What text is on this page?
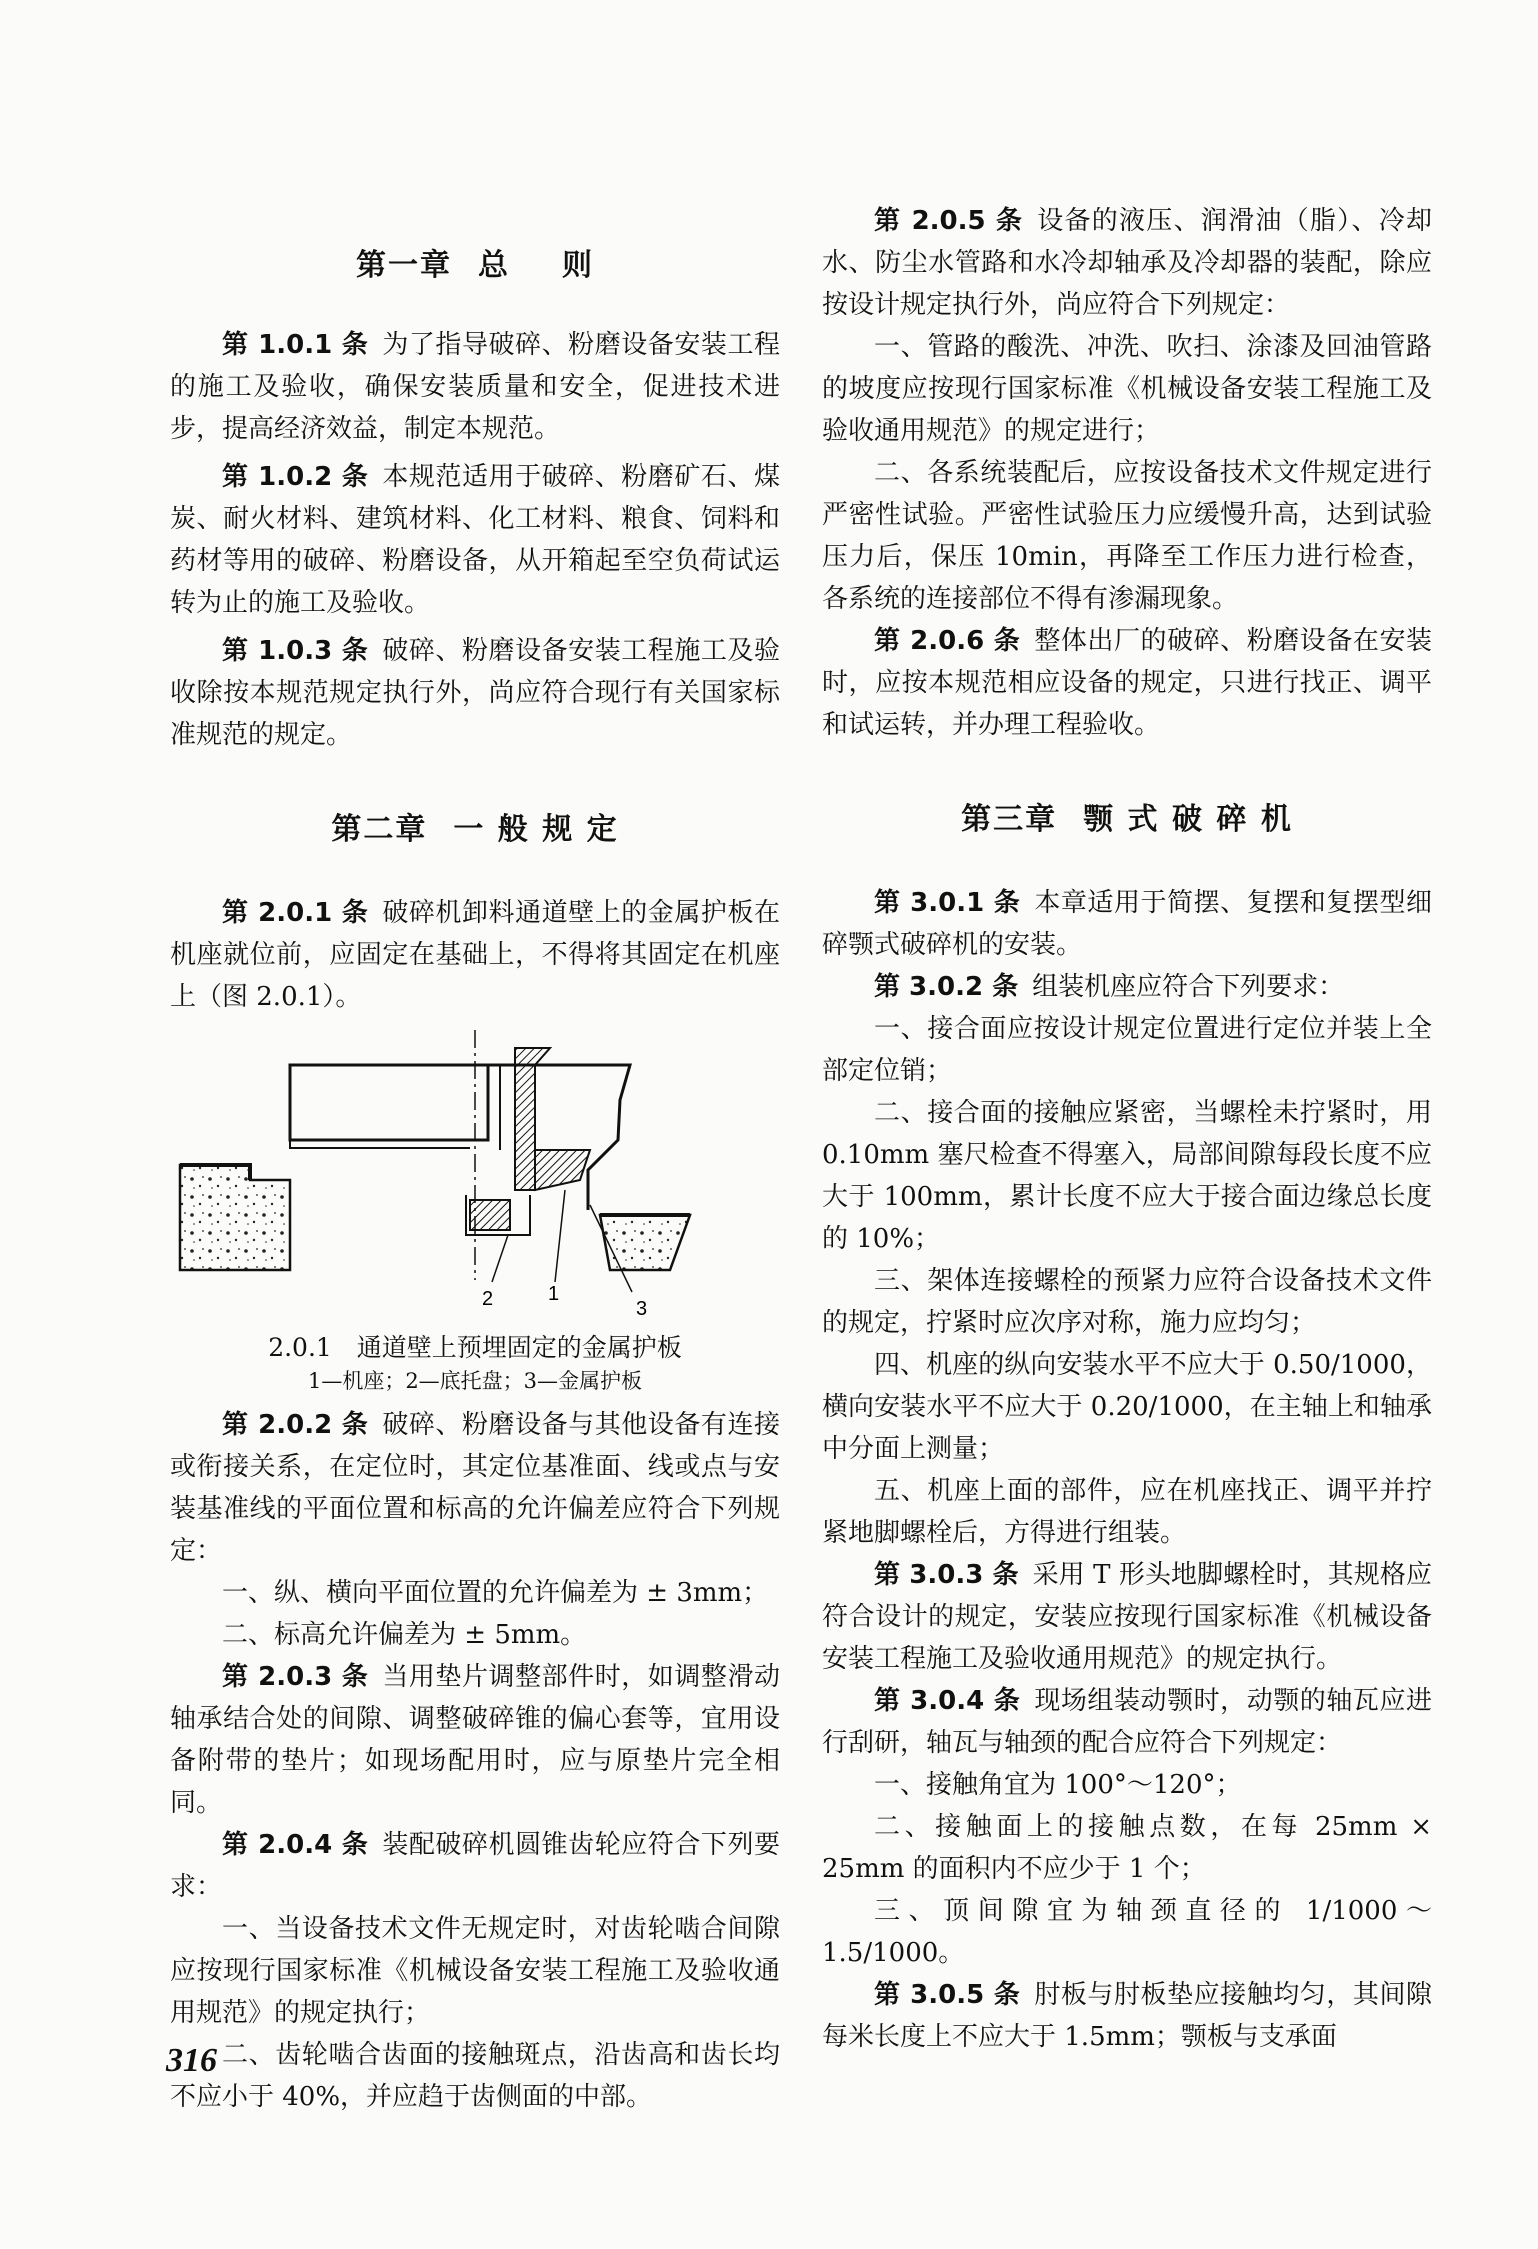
第一章 总 则

第 1.0.1 条 为了指导破碎、粉磨设备安装工程的施工及验收，确保安装质量和安全，促进技术进步，提高经济效益，制定本规范。

第 1.0.2 条 本规范适用于破碎、粉磨矿石、煤炭、耐火材料、建筑材料、化工材料、粮食、饲料和药材等用的破碎、粉磨设备，从开箱起至空负荷试运转为止的施工及验收。

第 1.0.3 条 破碎、粉磨设备安装工程施工及验收除按本规范规定执行外，尚应符合现行有关国家标准规范的规定。

第二章 一 般 规 定

第 2.0.1 条 破碎机卸料通道壁上的金属护板在机座就位前，应固定在基础上，不得将其固定在机座上（图 2.0.1）。

2	1
3

2.0.1　通道壁上预埋固定的金属护板

1—机座；2—底托盘；3—金属护板

第 2.0.2 条 破碎、粉磨设备与其他设备有连接或衔接关系，在定位时，其定位基准面、线或点与安装基准线的平面位置和标高的允许偏差应符合下列规定：

一、纵、横向平面位置的允许偏差为 ± 3mm；

二、标高允许偏差为 ± 5mm。

第 2.0.3 条 当用垫片调整部件时，如调整滑动轴承结合处的间隙、调整破碎锥的偏心套等，宜用设备附带的垫片；如现场配用时，应与原垫片完全相同。

第 2.0.4 条 装配破碎机圆锥齿轮应符合下列要求：

一、当设备技术文件无规定时，对齿轮啮合间隙应按现行国家标准《机械设备安装工程施工及验收通用规范》的规定执行；

二、齿轮啮合齿面的接触斑点，沿齿高和齿长均不应小于 40%，并应趋于齿侧面的中部。

第 2.0.5 条 设备的液压、润滑油（脂）、冷却水、防尘水管路和水冷却轴承及冷却器的装配，除应按设计规定执行外，尚应符合下列规定：

一、管路的酸洗、冲洗、吹扫、涂漆及回油管路的坡度应按现行国家标准《机械设备安装工程施工及验收通用规范》的规定进行；

二、各系统装配后，应按设备技术文件规定进行严密性试验。严密性试验压力应缓慢升高，达到试验压力后，保压 10min，再降至工作压力进行检查，各系统的连接部位不得有渗漏现象。

第 2.0.6 条 整体出厂的破碎、粉磨设备在安装时，应按本规范相应设备的规定，只进行找正、调平和试运转，并办理工程验收。

第三章 颚 式 破 碎 机

第 3.0.1 条 本章适用于简摆、复摆和复摆型细碎颚式破碎机的安装。

第 3.0.2 条 组装机座应符合下列要求：

一、接合面应按设计规定位置进行定位并装上全部定位销；

二、接合面的接触应紧密，当螺栓未拧紧时，用 0.10mm 塞尺检查不得塞入，局部间隙每段长度不应大于 100mm，累计长度不应大于接合面边缘总长度的 10%；

三、架体连接螺栓的预紧力应符合设备技术文件的规定，拧紧时应次序对称，施力应均匀；

四、机座的纵向安装水平不应大于 0.50/1000，横向安装水平不应大于 0.20/1000，在主轴上和轴承中分面上测量；

五、机座上面的部件，应在机座找正、调平并拧紧地脚螺栓后，方得进行组装。

第 3.0.3 条 采用 T 形头地脚螺栓时，其规格应符合设计的规定，安装应按现行国家标准《机械设备安装工程施工及验收通用规范》的规定执行。

第 3.0.4 条 现场组装动颚时，动颚的轴瓦应进行刮研，轴瓦与轴颈的配合应符合下列规定：

一、接触角宜为 100°～120°；

二、接触面上的接触点数，在每 25mm × 25mm 的面积内不应少于 1 个；

三、顶间隙宜为轴颈直径的 1/1000～1.5/1000。

第 3.0.5 条 肘板与肘板垫应接触均匀，其间隙每米长度上不应大于 1.5mm；颚板与支承面

316
